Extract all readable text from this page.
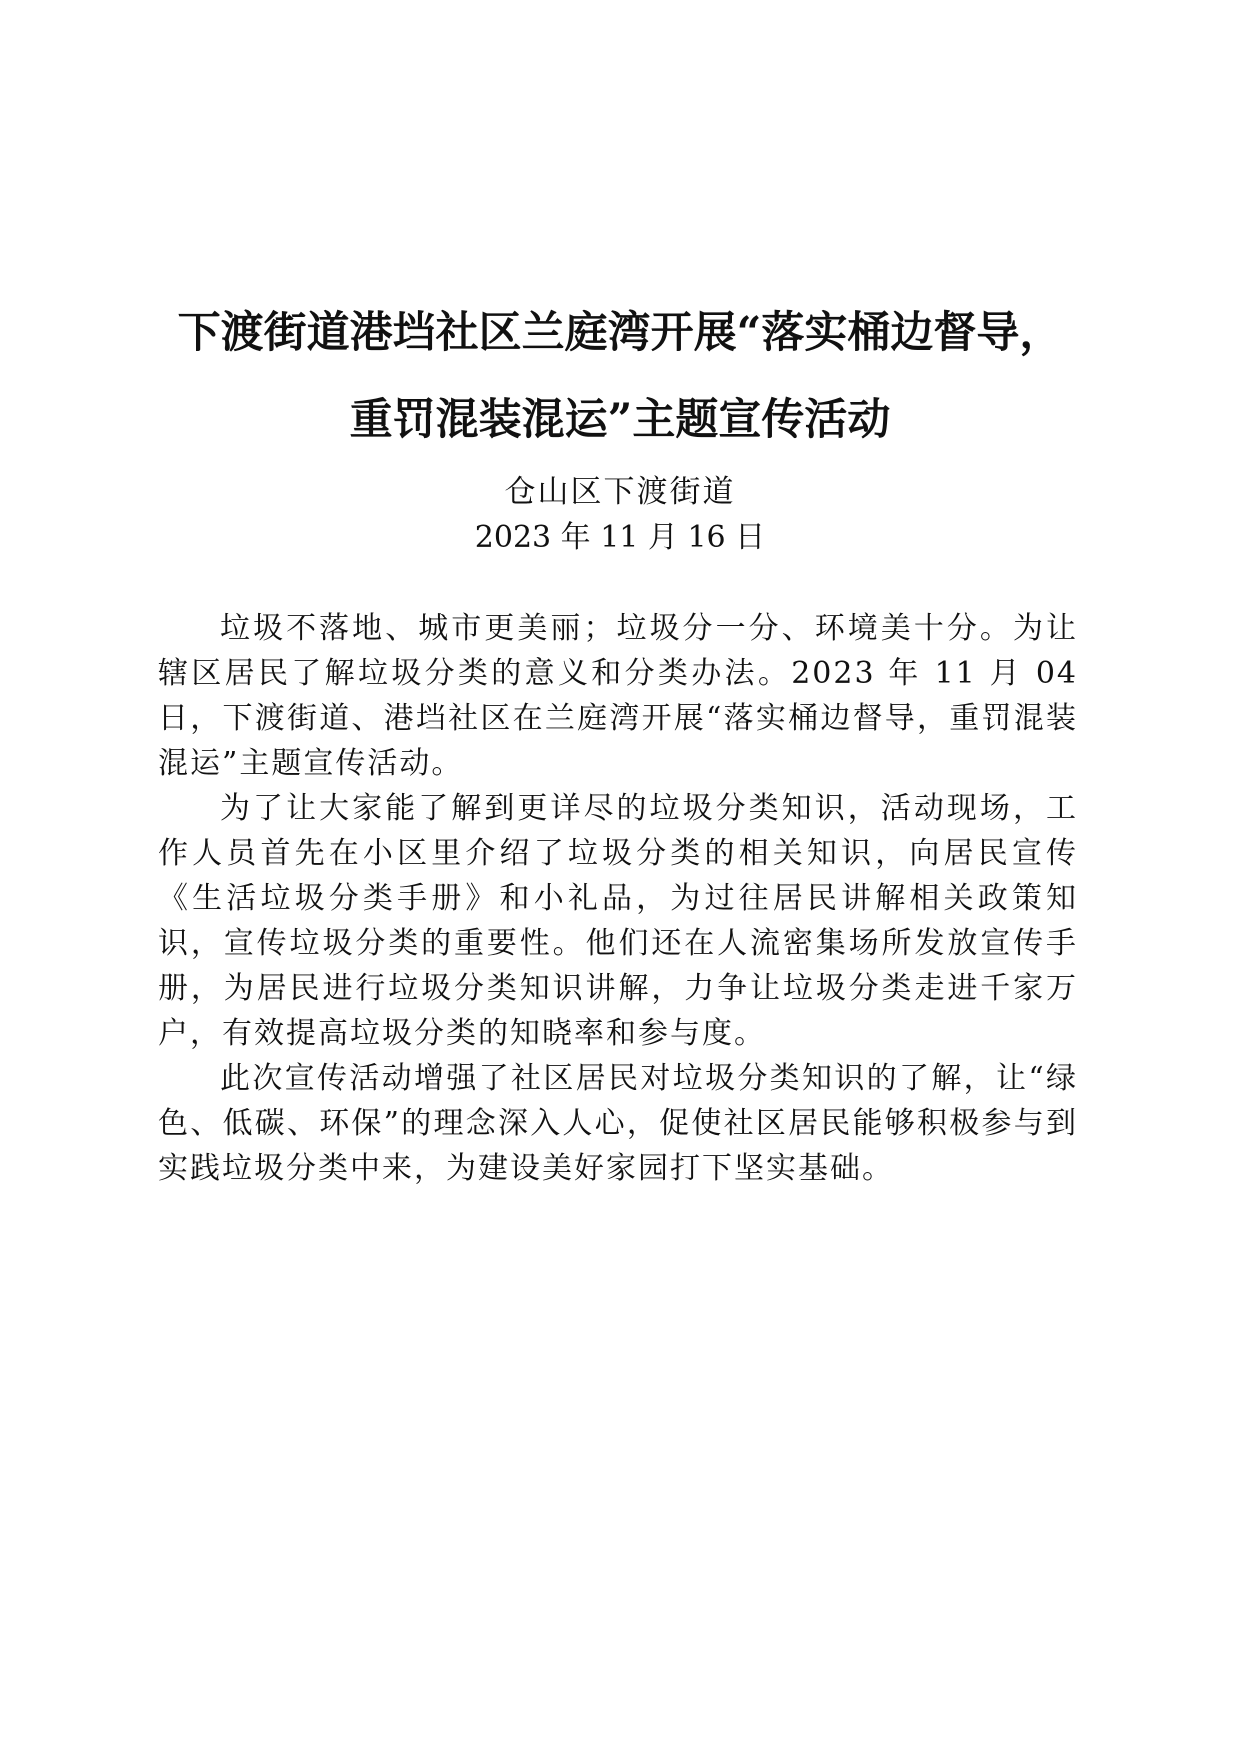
下渡街道港垱社区兰庭湾开展“落实桶边督导，
重罚混装混运”主题宣传活动

仓山区下渡街道

2023 年 11 月 16 日

垃圾不落地、城市更美丽；垃圾分一分、环境美十分。为让辖区居民了解垃圾分类的意义和分类办法。2023 年 11 月 04 日，下渡街道、港垱社区在兰庭湾开展“落实桶边督导，重罚混装混运”主题宣传活动。

为了让大家能了解到更详尽的垃圾分类知识，活动现场，工作人员首先在小区里介绍了垃圾分类的相关知识，向居民宣传《生活垃圾分类手册》和小礼品，为过往居民讲解相关政策知识，宣传垃圾分类的重要性。他们还在人流密集场所发放宣传手册，为居民进行垃圾分类知识讲解，力争让垃圾分类走进千家万户，有效提高垃圾分类的知晓率和参与度。

此次宣传活动增强了社区居民对垃圾分类知识的了解，让“绿色、低碳、环保”的理念深入人心，促使社区居民能够积极参与到实践垃圾分类中来，为建设美好家园打下坚实基础。
